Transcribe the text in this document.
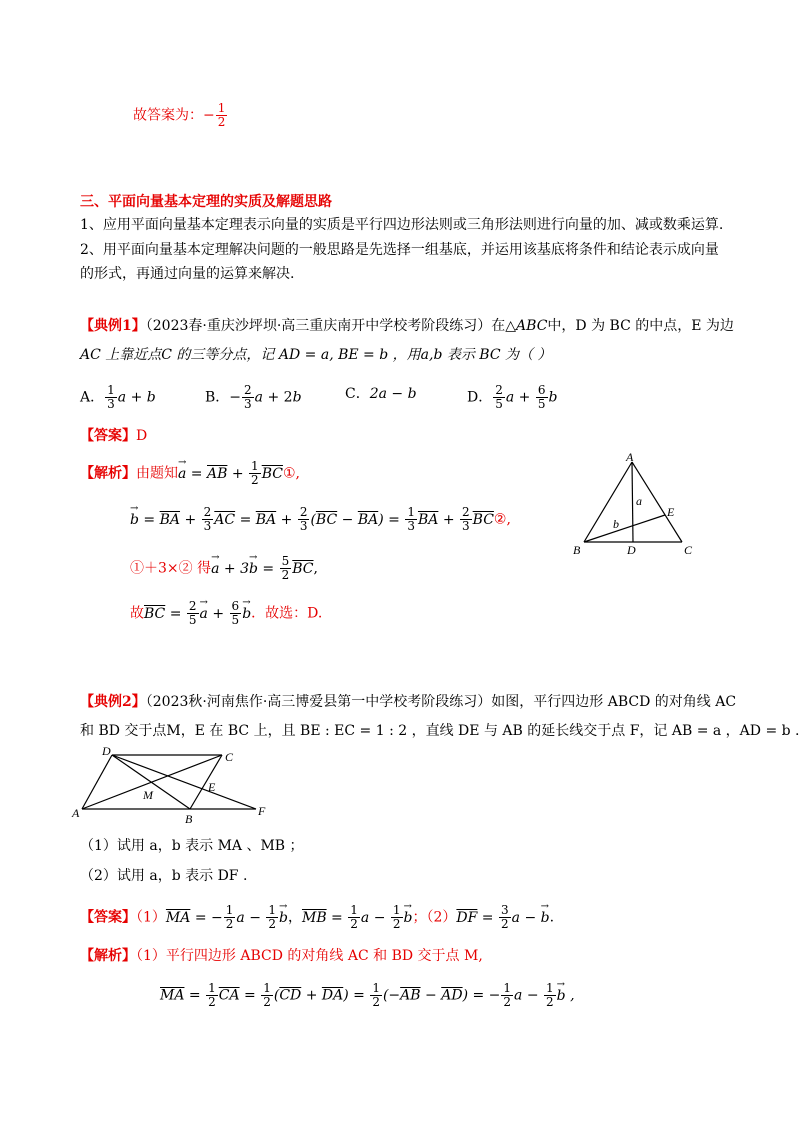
故答案为：− $\frac{1}{2}$
三、平面向量基本定理的实质及解题思路
1、应用平面向量基本定理表示向量的实质是平行四边形法则或三角形法则进行向量的加、减或数乘运算.
2、用平面向量基本定理解决问题的一般思路是先选择一组基底，并运用该基底将条件和结论表示成向量
的形式，再通过向量的运算来解决.
【典例1】（2023春·重庆沙坪坝·高三重庆南开中学校考阶段练习）在△ABC中，D 为 BC 的中点，E 为边
AC 上靠近点C 的三等分点，记 AD = a, BE = b ，用a,b 表示 BC 为（ ）
A． $\frac{1}{3}$ a + b	B．− $\frac{2}{3}$ a + 2b	C．2a − b	D． $\frac{2}{5}$ $a + \frac{6}{5}$ b
【答案】D
【解析】由题知→ $a = \overline{AB} + \frac{1}{2}$ $\overline{BC}①$,
→ $b = \overline{BA} + \frac{2}{3} \overline{AC} = \overline{BA} + \frac{2}{3} (\overline{BC} - \overline{BA}) = \frac{1}{3} \overline{BA} + \frac{2}{3}$ $\overline{BC}②$,
①＋3×② 得→ $a + 3\to b = \frac{5}{2} \overline{BC}$,
故$\overline{BC} = \frac{2}{5} \to a + \frac{6}{5} \to b$．故选：D.
A
B	C
D
E
a
b
【典例2】（2023秋·河南焦作·高三博爱县第一中学校考阶段练习）如图，平行四边形 ABCD 的对角线 AC
和 BD 交于点M，E 在 BC 上，且 BE : EC = 1 : 2 ，直线 DE 与 AB 的延长线交于点 F，记 AB = a ，AD = b .
D	C
A	B
F
E
M
（1）试用 a，b 表示 MA 、MB ；
（2）试用 a，b 表示 DF .
【答案】$(1)\overline{MA}$ = − $\frac{1}{2}$ $a - \frac{1}{2} \to b$，$\overline{MB} = \frac{1}{2}$ $a - \frac{1}{2} \to b$；$(2)\overline{DF} = \frac{3}{2}$ a − → b.
【解析】（1）平行四边形 ABCD 的对角线 AC 和 BD 交于点 M,
$\overline{MA} = \frac{1}{2} \overline{CA} = \frac{1}{2} (\overline{CD} + \overline{DA}) = \frac{1}{2} (-\overline{AB} - \overline{AD})$ = − $\frac{1}{2}$ $a - \frac{1}{2} \to b$ ,
